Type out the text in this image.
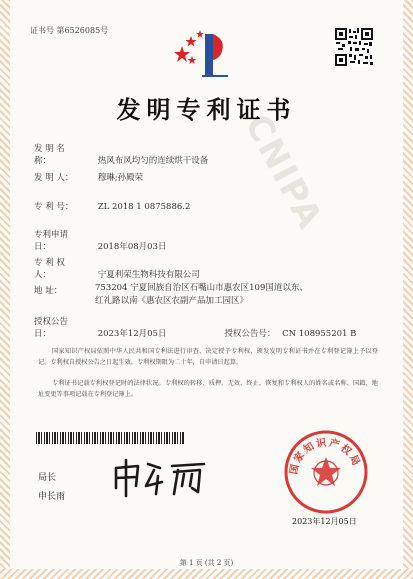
CNIPA
证书号 第6526085号
发明专利证书
发 明 名 称：	热风布风均匀的连续烘干设备
发 明 人：	穆琳;孙殿荣
专 利 号：	ZL 2018 1 0875886.2
专利申请日：	2018年08月03日
专 利 权 人：	宁夏利荣生物科技有限公司
地 址：	753204 宁夏回族自治区石嘴山市惠农区109国道以东、
红礼路以南《惠农区农副产品加工园区》
授权公告日：	2023年12月05日	授权公告号： CN 108955201 B
国家知识产权局依照中华人民共和国专利法进行审查，决定授予专利权，颁发发明专利证书并在专利登记簿上予以登记。专利权自授权公告之日起生效。专利权期限为二十年，自申请日起算。
专利证书记载专利权登记时的法律状况。专利权的转移、质押、无效、终止、恢复和专利权人的姓名或名称、国籍、地址变更等事项记载在专利登记簿上。
局长
申长雨
国家知识产权局
2023年12月05日
第 1 页 (共 2 页)
